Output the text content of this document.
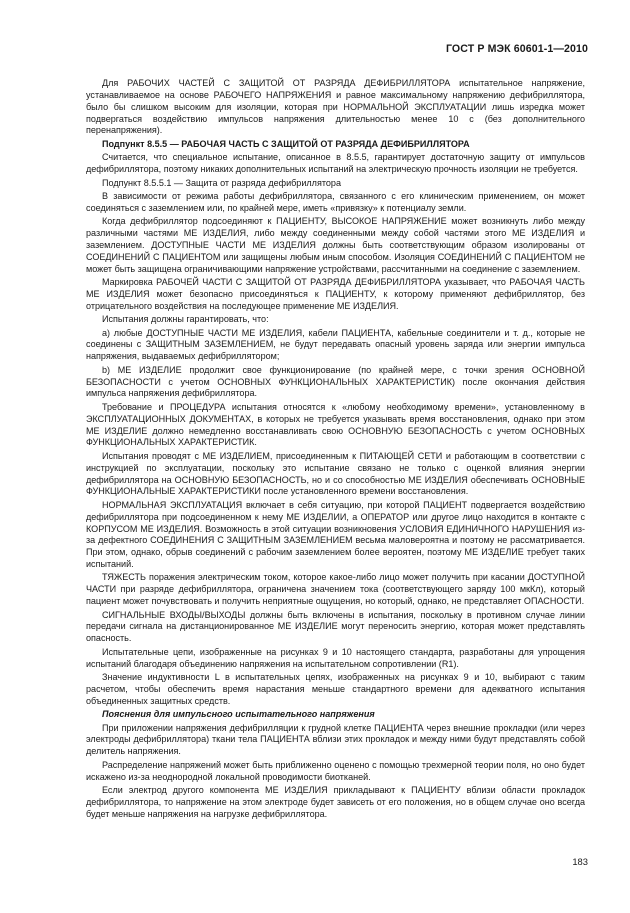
ГОСТ Р МЭК 60601-1—2010

Для РАБОЧИХ ЧАСТЕЙ С ЗАЩИТОЙ ОТ РАЗРЯДА ДЕФИБРИЛЛЯТОРА испытательное напряжение, устанавливаемое на основе РАБОЧЕГО НАПРЯЖЕНИЯ и равное максимальному напряжению дефибриллятора, было бы слишком высоким для изоляции, которая при НОРМАЛЬНОЙ ЭКСПЛУАТАЦИИ лишь изредка может подвергаться воздействию импульсов напряжения длительностью менее 10 с (без дополнительного перенапряжения).

Подпункт 8.5.5 — РАБОЧАЯ ЧАСТЬ С ЗАЩИТОЙ ОТ РАЗРЯДА ДЕФИБРИЛЛЯТОРА

Считается, что специальное испытание, описанное в 8.5.5, гарантирует достаточную защиту от импульсов дефибриллятора, поэтому никаких дополнительных испытаний на электрическую прочность изоляции не требуется.

Подпункт 8.5.5.1 — Защита от разряда дефибриллятора

В зависимости от режима работы дефибриллятора, связанного с его клиническим применением, он может соединяться с заземлением или, по крайней мере, иметь «привязку» к потенциалу земли.

Когда дефибриллятор подсоединяют к ПАЦИЕНТУ, ВЫСОКОЕ НАПРЯЖЕНИЕ может возникнуть либо между различными частями МЕ ИЗДЕЛИЯ, либо между соединенными между собой частями этого МЕ ИЗДЕЛИЯ и заземлением. ДОСТУПНЫЕ ЧАСТИ МЕ ИЗДЕЛИЯ должны быть соответствующим образом изолированы от СОЕДИНЕНИЙ С ПАЦИЕНТОМ или защищены любым иным способом. Изоляция СОЕДИНЕНИЙ С ПАЦИЕНТОМ не может быть защищена ограничивающими напряжение устройствами, рассчитанными на соединение с заземлением.

Маркировка РАБОЧЕЙ ЧАСТИ С ЗАЩИТОЙ ОТ РАЗРЯДА ДЕФИБРИЛЛЯТОРА указывает, что РАБОЧАЯ ЧАСТЬ МЕ ИЗДЕЛИЯ может безопасно присоединяться к ПАЦИЕНТУ, к которому применяют дефибриллятор, без отрицательного воздействия на последующее применение МЕ ИЗДЕЛИЯ.

Испытания должны гарантировать, что:

a) любые ДОСТУПНЫЕ ЧАСТИ МЕ ИЗДЕЛИЯ, кабели ПАЦИЕНТА, кабельные соединители и т. д., которые не соединены с ЗАЩИТНЫМ ЗАЗЕМЛЕНИЕМ, не будут передавать опасный уровень заряда или энергии импульса напряжения, выдаваемых дефибриллятором;

b) МЕ ИЗДЕЛИЕ продолжит свое функционирование (по крайней мере, с точки зрения ОСНОВНОЙ БЕЗОПАСНОСТИ с учетом ОСНОВНЫХ ФУНКЦИОНАЛЬНЫХ ХАРАКТЕРИСТИК) после окончания действия импульса напряжения дефибриллятора.

Требование и ПРОЦЕДУРА испытания относятся к «любому необходимому времени», установленному в ЭКСПЛУАТАЦИОННЫХ ДОКУМЕНТАХ, в которых не требуется указывать время восстановления, однако при этом МЕ ИЗДЕЛИЕ должно немедленно восстанавливать свою ОСНОВНУЮ БЕЗОПАСНОСТЬ с учетом ОСНОВНЫХ ФУНКЦИОНАЛЬНЫХ ХАРАКТЕРИСТИК.

Испытания проводят с МЕ ИЗДЕЛИЕМ, присоединенным к ПИТАЮЩЕЙ СЕТИ и работающим в соответствии с инструкцией по эксплуатации, поскольку это испытание связано не только с оценкой влияния энергии дефибриллятора на ОСНОВНУЮ БЕЗОПАСНОСТЬ, но и со способностью МЕ ИЗДЕЛИЯ обеспечивать ОСНОВНЫЕ ФУНКЦИОНАЛЬНЫЕ ХАРАКТЕРИСТИКИ после установленного времени восстановления.

НОРМАЛЬНАЯ ЭКСПЛУАТАЦИЯ включает в себя ситуацию, при которой ПАЦИЕНТ подвергается воздействию дефибриллятора при подсоединенном к нему МЕ ИЗДЕЛИИ, а ОПЕРАТОР или другое лицо находится в контакте с КОРПУСОМ МЕ ИЗДЕЛИЯ. Возможность в этой ситуации возникновения УСЛОВИЯ ЕДИНИЧНОГО НАРУШЕНИЯ из-за дефектного СОЕДИНЕНИЯ С ЗАЩИТНЫМ ЗАЗЕМЛЕНИЕМ весьма маловероятна и поэтому не рассматривается. При этом, однако, обрыв соединений с рабочим заземлением более вероятен, поэтому МЕ ИЗДЕЛИЕ требует таких испытаний.

ТЯЖЕСТЬ поражения электрическим током, которое какое-либо лицо может получить при касании ДОСТУПНОЙ ЧАСТИ при разряде дефибриллятора, ограничена значением тока (соответствующего заряду 100 мкКл), который пациент может почувствовать и получить неприятные ощущения, но который, однако, не представляет ОПАСНОСТИ.

СИГНАЛЬНЫЕ ВХОДЫ/ВЫХОДЫ должны быть включены в испытания, поскольку в противном случае линии передачи сигнала на дистанционированное МЕ ИЗДЕЛИЕ могут переносить энергию, которая может представлять опасность.

Испытательные цепи, изображенные на рисунках 9 и 10 настоящего стандарта, разработаны для упрощения испытаний благодаря объединению напряжения на испытательном сопротивлении (R1).

Значение индуктивности L в испытательных цепях, изображенных на рисунках 9 и 10, выбирают с таким расчетом, чтобы обеспечить время нарастания меньше стандартного времени для адекватного испытания объединенных защитных средств.

Пояснения для импульсного испытательного напряжения

При приложении напряжения дефибрилляции к грудной клетке ПАЦИЕНТА через внешние прокладки (или через электроды дефибриллятора) ткани тела ПАЦИЕНТА вблизи этих прокладок и между ними будут представлять собой делитель напряжения.

Распределение напряжений может быть приближенно оценено с помощью трехмерной теории поля, но оно будет искажено из-за неоднородной локальной проводимости биотканей.

Если электрод другого компонента МЕ ИЗДЕЛИЯ прикладывают к ПАЦИЕНТУ вблизи области прокладок дефибриллятора, то напряжение на этом электроде будет зависеть от его положения, но в общем случае оно всегда будет меньше напряжения на нагрузке дефибриллятора.

183
